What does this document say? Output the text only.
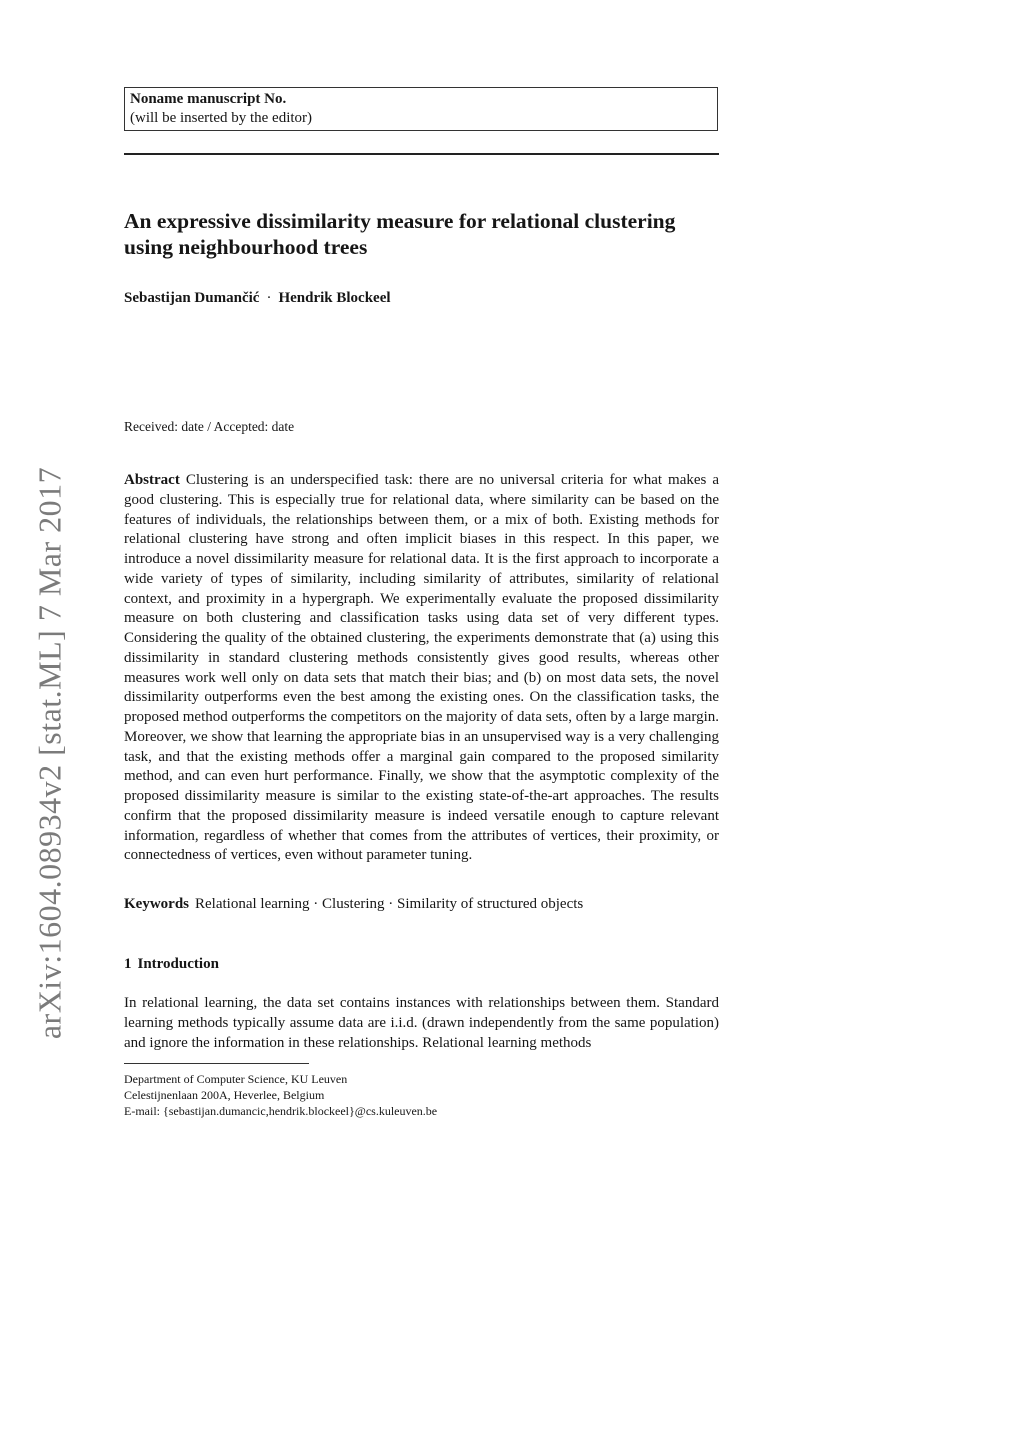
Noname manuscript No.
(will be inserted by the editor)
An expressive dissimilarity measure for relational clustering using neighbourhood trees
Sebastijan Dumančić · Hendrik Blockeel
Received: date / Accepted: date
Abstract Clustering is an underspecified task: there are no universal criteria for what makes a good clustering. This is especially true for relational data, where similarity can be based on the features of individuals, the relationships between them, or a mix of both. Existing methods for relational clustering have strong and often implicit biases in this respect. In this paper, we introduce a novel dissimilarity measure for relational data. It is the first approach to incorporate a wide variety of types of similarity, including similarity of attributes, similarity of relational context, and proximity in a hypergraph. We experimentally evaluate the proposed dissimilarity measure on both clustering and classification tasks using data set of very different types. Considering the quality of the obtained clustering, the experiments demonstrate that (a) using this dissimilarity in standard clustering methods consistently gives good results, whereas other measures work well only on data sets that match their bias; and (b) on most data sets, the novel dissimilarity outperforms even the best among the existing ones. On the classification tasks, the proposed method outperforms the competitors on the majority of data sets, often by a large margin. Moreover, we show that learning the appropriate bias in an unsupervised way is a very challenging task, and that the existing methods offer a marginal gain compared to the proposed similarity method, and can even hurt performance. Finally, we show that the asymptotic complexity of the proposed dissimilarity measure is similar to the existing state-of-the-art approaches. The results confirm that the proposed dissimilarity measure is indeed versatile enough to capture relevant information, regardless of whether that comes from the attributes of vertices, their proximity, or connectedness of vertices, even without parameter tuning.
Keywords Relational learning · Clustering · Similarity of structured objects
1 Introduction
In relational learning, the data set contains instances with relationships between them. Standard learning methods typically assume data are i.i.d. (drawn independently from the same population) and ignore the information in these relationships. Relational learning methods
Department of Computer Science, KU Leuven
Celestijnenlaan 200A, Heverlee, Belgium
E-mail: {sebastijan.dumancic,hendrik.blockeel}@cs.kuleuven.be
arXiv:1604.08934v2 [stat.ML] 7 Mar 2017
